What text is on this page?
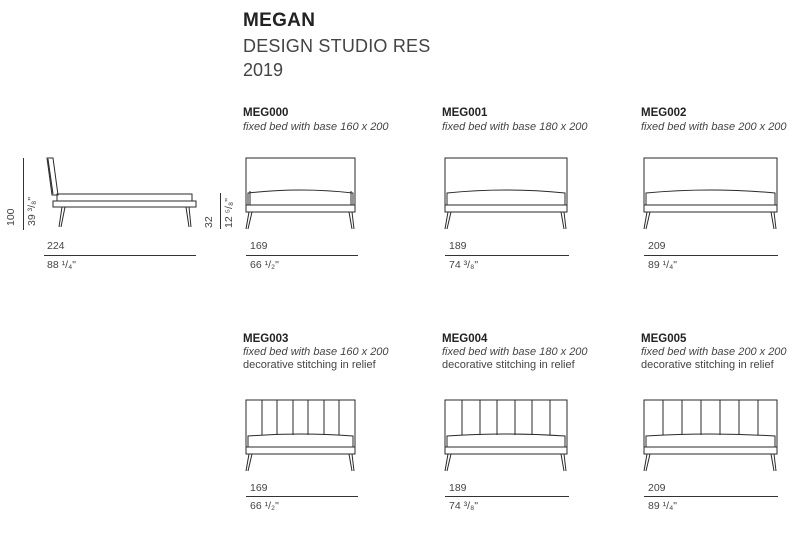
MEGAN
DESIGN STUDIO RES
2019
100 39 ³/₈"
224
88 ¹/₄"
32 12 ⁵/₈"
MEG000
fixed bed with base 160 x 200
169
66 ¹/₂"
MEG001
fixed bed with base 180 x 200
189
74 ³/₈"
MEG002
fixed bed with base 200 x 200
209
89 ¹/₄"
MEG003
fixed bed with base 160 x 200
decorative stitching in relief
169
66 ¹/₂"
MEG004
fixed bed with base 180 x 200
decorative stitching in relief
189
74 ³/₈"
MEG005
fixed bed with base 200 x 200
decorative stitching in relief
209
89 ¹/₄"
